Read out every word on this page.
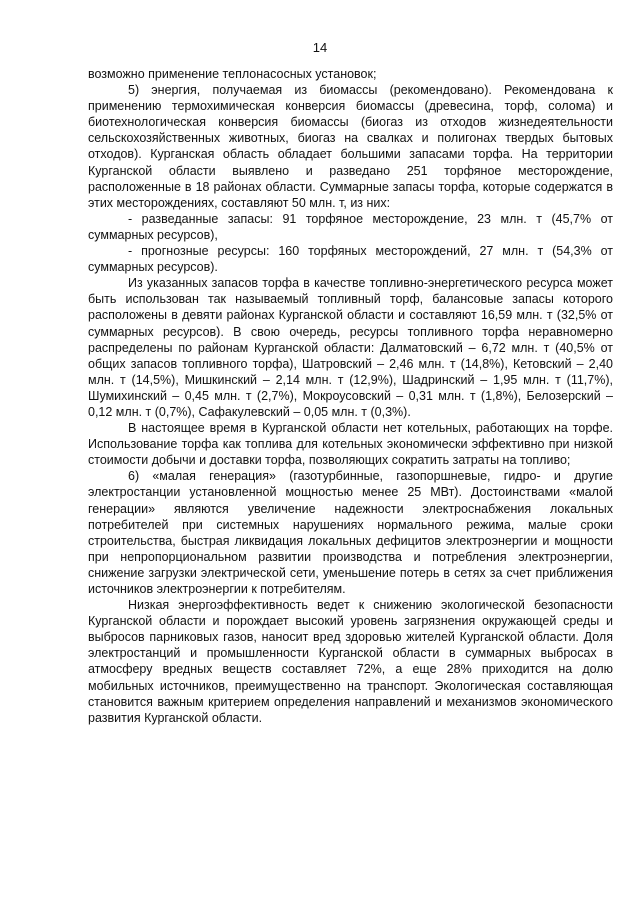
14

возможно применение теплонасосных установок;

5) энергия, получаемая из биомассы (рекомендовано). Рекомендована к применению термохимическая конверсия биомассы (древесина, торф, солома) и биотехнологическая конверсия биомассы (биогаз из отходов жизнедеятельности сельскохозяйственных животных, биогаз на свалках и полигонах твердых бытовых отходов). Курганская область обладает большими запасами торфа. На территории Курганской области выявлено и разведано 251 торфяное месторождение, расположенные в 18 районах области. Суммарные запасы торфа, которые содержатся в этих месторождениях, составляют 50 млн. т, из них:

- разведанные запасы: 91 торфяное месторождение, 23 млн. т (45,7% от суммарных ресурсов),

- прогнозные ресурсы: 160 торфяных месторождений, 27 млн. т (54,3% от суммарных ресурсов).

Из указанных запасов торфа в качестве топливно-энергетического ресурса может быть использован так называемый топливный торф, балансовые запасы которого расположены в девяти районах Курганской области и составляют 16,59 млн. т (32,5% от суммарных ресурсов). В свою очередь, ресурсы топливного торфа неравномерно распределены по районам Курганской области: Далматовский – 6,72 млн. т (40,5% от общих запасов топливного торфа), Шатровский – 2,46 млн. т (14,8%), Кетовский – 2,40 млн. т (14,5%), Мишкинский – 2,14 млн. т (12,9%), Шадринский – 1,95 млн. т (11,7%), Шумихинский – 0,45 млн. т (2,7%), Мокроусовский – 0,31 млн. т (1,8%), Белозерский – 0,12 млн. т (0,7%), Сафакулевский – 0,05 млн. т (0,3%).

В настоящее время в Курганской области нет котельных, работающих на торфе. Использование торфа как топлива для котельных экономически эффективно при низкой стоимости добычи и доставки торфа, позволяющих сократить затраты на топливо;

6) «малая генерация» (газотурбинные, газопоршневые, гидро- и другие электростанции установленной мощностью менее 25 МВт). Достоинствами «малой генерации» являются увеличение надежности электроснабжения локальных потребителей при системных нарушениях нормального режима, малые сроки строительства, быстрая ликвидация локальных дефицитов электроэнергии и мощности при непропорциональном развитии производства и потребления электроэнергии, снижение загрузки электрической сети, уменьшение потерь в сетях за счет приближения источников электроэнергии к потребителям.

Низкая энергоэффективность ведет к снижению экологической безопасности Курганской области и порождает высокий уровень загрязнения окружающей среды и выбросов парниковых газов, наносит вред здоровью жителей Курганской области. Доля электростанций и промышленности Курганской области в суммарных выбросах в атмосферу вредных веществ составляет 72%, а еще 28% приходится на долю мобильных источников, преимущественно на транспорт. Экологическая составляющая становится важным критерием определения направлений и механизмов экономического развития Курганской области.
